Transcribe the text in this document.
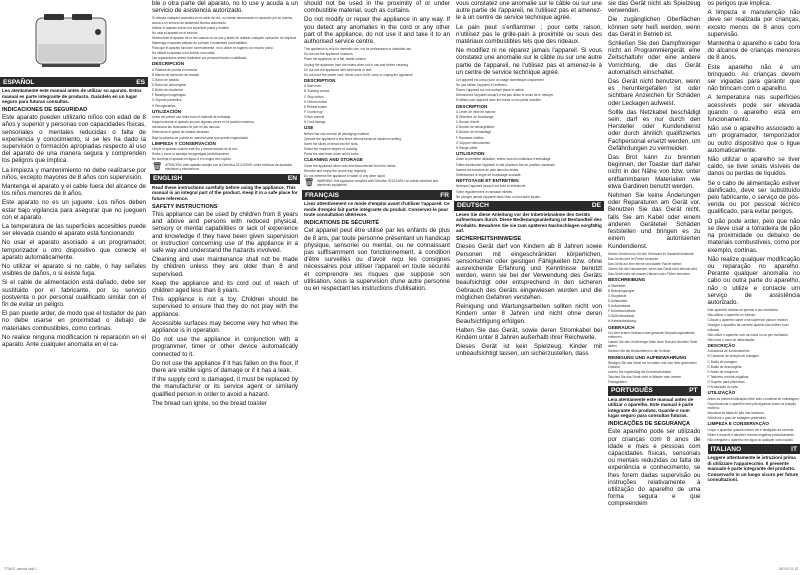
ESPAÑOL	ES

Lea atentamente este manual antes de utilizar su aparato. Estos manual es parte integrante de producto. Guárdelo en un lugar seguro para futuras consultas.

INDICACIONES DE SEGURIDAD

Este aparato pueden utilizarlo niños con edad de 8 años y superior y personas con capacidades físicas, sensoriales o mentales reducidas o falta de experiencia y conocimiento, si se les ha dado la supervisión o formación apropiadas respecto al uso del aparato de una manera segura y comprenden los peligros que implica.

La limpieza y mantenimiento no debe realizarse por niños, excepto mayores de 8 años con supervisión.

Mantenga el aparato y el cable fuera del alcance de los niños menores de 8 años.

Este aparato no es un juguete. Los niños deben estar bajo vigilancia para asegurar que no jueguen con el aparato.

La temperatura de las superficies accesibles puede ser elevada cuando el aparato está funcionando

No usar el aparato asociado a un programador, temporizador u otro dispositivo que conecte el aparato automáticamente.

No utilizar el aparato si no cable, ó hay señales visibles de daños, o si existe fuga.

Si el cable de alimentación está dañado, debe ser sustituido por el fabricante, por su servicio postventa o por personal cualificado similar con el fin de evitar un peligro.

El pan puede arder, de modo que el tostador de pan no debe usarse en proximidad o debajo de materiales combustibles, como cortinas.

No realice ninguna modificación ni reparación en el aparato. Ante cualquier anomalía en el ca-

ble o otra parte del aparato, no lo use y acuda a un servicio de asistencia autorizado.

Si detecta cualquier anomalía en el cable de red, no intente desmontarlo ni repararlo por su cuenta, acuda a un servicio de asistencia técnica autorizado.

Utilizar el aparato sobre una superficie plana y estable.

No usar el aparato en el exterior.

Desenchufe el aparato de la red cuando no se use y antes de realizar cualquier operación de limpieza.

Mantenga el aparato alejado de cortinas o materiales combustibles.

Para que el aparato funcione correctamente, no lo utilice en lugares con mucho polvo.

No utilizar el aparato si ha sufrido una caída.

Las reparaciones deben realizarse por personal técnico cualificado.

DESCRIPCIÓN

A Palanca de puesta en marcha

B Mando de selección de tostado

C Botón de parada

D Botón de descongelar

E Botón de recalentar

F Bandeja recogemigas

G Soporte panecillos

H Recogecables

UTILIZACIÓN

Antes del primer uso retire todo el material de embalaje.

Haga funcionar el aparato sin pan algunas veces en la posición máxima.

Introduzca las rebanadas de pan en las ranuras.

Seleccione el grado de tostado deseado.

Baje la palanca de puesta en marcha hasta que quede enganchada.

LIMPIEZA Y CONSERVACIÓN

Limpie el aparato cuando esté frío y desconectado de la red.

Retire y vacíe la bandeja recogemigas periódicamente.

No sumerja el aparato en agua ni en ningún otro líquido.

🗑 ATENCIÓN: este aparato cumple con la Directiva 2012/19/UE sobre residuos de aparatos eléctricos y electrónicos.

ENGLISH	EN

Read these instructions carefully before using the appliance. This manual is an integral part of the product. Keep it in a safe place for future reference.

SAFETY INSTRUCTIONS

This appliance can be used by children from 8 years and above and persons with reduced physical, sensory or mental capabilities or lack of experience and knowledge if they have been given supervision or instruction concerning use of the appliance in a safe way and understand the hazards involved.

Cleaning and user maintenance shall not be made by children unless they are older than 8 and supervised.

Keep the appliance and its cord out of reach of children aged less than 8 years.

This appliance is not a toy. Children should be supervised to ensure that they do not play with the appliance.

Accessible surfaces may become very hot when the appliance is in operation.

Do not use the appliance in conjunction with a programmer, timer or other device automatically connected to it.

Do not use the appliance if it has fallen on the floor, if there are visible signs of damage or if it has a leak.

If the supply cord is damaged, it must be replaced by the manufacturer or its service agent or similarly qualified person in order to avoid a hazard.

The bread can ignite, so the bread toaster

should not be used in the proximity of or under combustible material, such as curtains.

Do not modify or repair the appliance in any way. If you detect any anomalies in the cord or any other part of the appliance, do not use it and take it to an authorised service centre.

This appliance is only for domestic use, not for professional or industrial use.

Do not use the appliance outdoors.

Place the appliance on a flat, stable surface.

Unplug the appliance from the mains when not in use and before cleaning.

Do not use the appliance with wet hands or feet.

Do not force the power cord. Never use it to lift, carry or unplug the appliance.

DESCRIPTION

A Start lever

B Toasting control

C Stop button

D Defrost button

E Reheat button

F Crumb tray

G Bun warmer

H Cord storage

USE

Before first use remove all packaging material.

Operate the appliance a few times without bread at maximum setting.

Insert the slices of bread into the slots.

Select the required degree of toasting.

Press the start lever down until it locks.

CLEANING AND STORAGE

Clean the appliance when cold and disconnected from the mains.

Remove and empty the crumb tray regularly.

Do not immerse the appliance in water or any other liquid.

🗑 WARNING: this appliance complies with Directive 2012/19/EU on waste electrical and electronic equipment.

FRANÇAIS	FR

Lisez attentivement ce mode d'emploi avant d'utiliser l'appareil. Ce mode d'emploi fait partie intégrante du produit. Conservez-le pour toute consultation ultérieure.

INDICATIONS DE SÉCURITÉ

Cet appareil peut être utilisé par les enfants de plus de 8 ans, par toute personne présentant un handicap physique, sensoriel ou mental, ou ne connaissant pas suffisamment son fonctionnement, à condition d'être surveillés ou d'avoir reçu les consignes nécessaires pour utiliser l'appareil en toute sécurité et comprendre les risques que suppose son utilisation, sous la supervision d'une autre personne ou en respectant les instructions d'utilisation.

vous constatez une anomalie sur le câble ou sur une autre partie de l'appareil, ne l'utilisez pas et amenez-le à un centre de service technique agréé.

Le pain peut s'enflammer ; pour cette raison, n'utilisez pas le grille-pain à proximité ou sous des matériaux combustibles tels que des rideaux.

Ne modifiez ni ne réparez jamais l'appareil. Si vous constatez une anomalie sur le câble ou sur une autre partie de l'appareil, ne l'utilisez pas et amenez-le à un centre de service technique agréé.

Cet appareil est conçu pour un usage domestique uniquement.

Ne pas utiliser l'appareil à l'extérieur.

Placez l'appareil sur une surface plane et stable.

Débranchez l'appareil lorsqu'il n'est pas utilisé et avant de le nettoyer.

N'utilisez pas l'appareil avec les mains ou les pieds mouillés.

DESCRIPTION

A Levier de mise en marche

B Sélecteur de brunissage

C Bouton d'arrêt

D Bouton de décongélation

E Bouton de réchauffage

F Ramasse-miettes

G Support viennoiseries

H Range-câble

UTILISATION

Avant la première utilisation, retirez tous les matériaux d'emballage.

Faites fonctionner l'appareil à vide plusieurs fois en position maximale.

Insérez les tranches de pain dans les fentes.

Sélectionnez le degré de brunissage souhaité.

NETTOYAGE ET ENTRETIEN

Nettoyez l'appareil lorsqu'il est froid et débranché.

Videz régulièrement le ramasse-miettes.

Ne plongez jamais l'appareil dans l'eau ou tout autre liquide.

DEUTSCH	DE

Lesen Sie diese Anleitung vor der Inbetriebnahme des Geräts aufmerksam durch. Diese Bedienungsanleitung ist Bestandteil des Produkts. Bewahren Sie sie zum späteren Nachschlagen sorgfältig auf.

SICHERHEITSHINWEISE

Dieses Gerät darf von Kindern ab 8 Jahren sowie Personen mit eingeschränkten körperlichen, sensorischen oder geistigen Fähigkeiten bzw. ohne ausreichende Erfahrung und Kenntnisse benutzt werden, wenn sie bei der Verwendung des Geräts beaufsichtigt oder entsprechend in den sicheren Gebrauch des Geräts eingewiesen wurden und die möglichen Gefahren verstehen.

Reinigung und Wartungsarbeiten sollten nicht von Kindern unter 8 Jahren und nicht ohne deren Beaufsichtigung erfolgen.

Halten Sie das Gerät, sowie deren Stromkabel bei Kindern unter 8 Jahren außerhalb ihrer Reichweite.

Dieses Gerät ist kein Spielzeug. Kinder mit unbeaufsichtigt lassen, um sicherzustellen, dass

sie das Gerät nicht als Spielzeug verwenden.

Die zugänglichen Oberflächen können sehr heiß werden, wenn das Gerät in Betrieb ist.

Schließen Sie den Dampfreiniger nicht an Programmiergerät, eine Zeitschaltuhr oder eine andere Vorrichtung, die das Gerät automatisch einschaltet.

Das Gerät nicht benutzen, wenn es heruntergefallen ist oder sichtbare Anzeichen für Schäden oder Leckagen aufweist.

Sollte das Netzkabel beschädigt sein, darf es nur durch den Hersteller oder Kundendienst oder durch ähnlich qualifiziertes Fachpersonal ersetzt werden, um Gefährdungen zu vermeiden.

Das Brot kann zu brennen beginnen, der Toaster darf daher nicht in der Nähe von bzw. unter entflammbaren Materialien wie etwa Gardinen benutzt werden.

Nehmen Sie keine Änderungen oder Reparaturen am Gerät vor. Benutzen Sie das Gerät nicht, falls Sie am Kabel oder einem anderen Geräteteil Schäden feststellen und bringen es zu einem autorisierten Kundendienst.

Dieses Gerät ist nur für den Gebrauch im Haushalt bestimmt.

Das Gerät nicht im Freien benutzen.

Das Gerät auf eine ebene und stabile Fläche stellen.

Ziehen Sie den Netzstecker, wenn das Gerät nicht benutzt wird.

Das Gerät nicht mit nassen Händen oder Füßen benutzen.

BESCHREIBUNG

A Starthebel

B Bräunungsregler

C Stopptaste

D Auftautaste

E Aufwärmtaste

F Krümelschublade

G Brötchenaufsatz

H Kabelaufwicklung

GEBRAUCH

Vor dem ersten Gebrauch das gesamte Verpackungsmaterial entfernen.

Lassen Sie das Gerät einige Male ohne Brot auf höchster Stufe laufen.

Stecken Sie die Brotscheiben in die Schlitze.

REINIGUNG UND AUFBEWAHRUNG

Reinigen Sie das Gerät nur im kalten und vom Netz getrennten Zustand.

Leeren Sie regelmäßig die Krümelschublade.

Tauchen Sie das Gerät nicht in Wasser oder andere Flüssigkeiten.

PORTUGUÊS	PT

Leia atentamente este manual antes de utilizar o aparelho. Este manual é parte integrante do produto. Guarde-o num lugar seguro para consultas futuras.

INDICAÇÕES DE SEGURANÇA

Este aparelho pode ser utilizado por crianças com 8 anos de idade e mais e pessoas com capacidades físicas, sensoriais ou mentais reduzidas ou falta de experiência e conhecimento, se lhes forem dadas supervisão ou instruções relativamente à utilização do aparelho de uma forma segura e que compreendem

os perigos que implica.

A limpeza e manutenção não deve ser realizada por crianças, exceto menos de 8 anos com supervisão.

Mantenha o aparelho e cabo fora do alcance de crianças menores de 8 anos.

Este aparelho não é um brinquedo. As crianças devem ser vigiadas para garantir que não brincam com o aparelho.

A temperatura nas superfícies acessíveis pode ser elevada quando o aparelho está em funcionamento.

Não use o aparelho associado a um programador, temporizador ou outro dispositivo que o ligue automaticamente.

Não utilizar o aparelho se tiver caído, se tiver sinais visíveis de danos ou perdas de líquidos.

Se o cabo de alimentação estiver danificado, deve ser substituído pelo fabricante, o serviço de pós-venda ou por pessoal técnico qualificado, para evitar perigos.

O pão pode arder, pelo que não se deve usar a torradeira de pão na proximidade ou debaixo de materiais combustíveis, como por exemplo, cortinas.

Não realize qualquer modificação ou reparação no aparelho. Perante qualquer anomalia no cabo ou outra parte do aparelho, não o utilize e contacte um serviço de assistência autorizado.

Este aparelho destina-se apenas a uso doméstico.

Não utilizar o aparelho no exterior.

Colocar o aparelho sobre uma superfície plana e estável.

Desligue o aparelho da corrente quando não estiver a ser utilizado.

Não utilize o aparelho com as mãos ou os pés molhados.

Não force o cabo de alimentação.

DESCRIÇÃO

A Alavanca de funcionamento

B Comando de seleção de tostagem

C Botão de paragem

D Botão de descongelar

E Botão de reaquecer

F Tabuleiro recolhe-migalhas

G Suporte para pãezinhos

H Arrumação do cabo

UTILIZAÇÃO

Antes da primeira utilização retire todo o material de embalagem.

Faça funcionar o aparelho sem pão algumas vezes na posição máxima.

Introduza as fatias de pão nas ranhuras.

Selecione o grau de tostagem pretendido.

LIMPEZA E CONSERVAÇÃO

Limpe o aparelho quando estiver frio e desligado da corrente.

Retire e esvazie o tabuleiro recolhe-migalhas periodicamente.

Não mergulhe o aparelho em água ou qualquer outro líquido.

ITALIANO	IT

Leggere attentamente le istruzioni prima di utilizzare l'apparecchio. Il presente manuale è parte integrante del prodotto. Conservarlo in un luogo sicuro per future consultazioni.

TT0402_manual.indd 1	18/1/19 11:13
